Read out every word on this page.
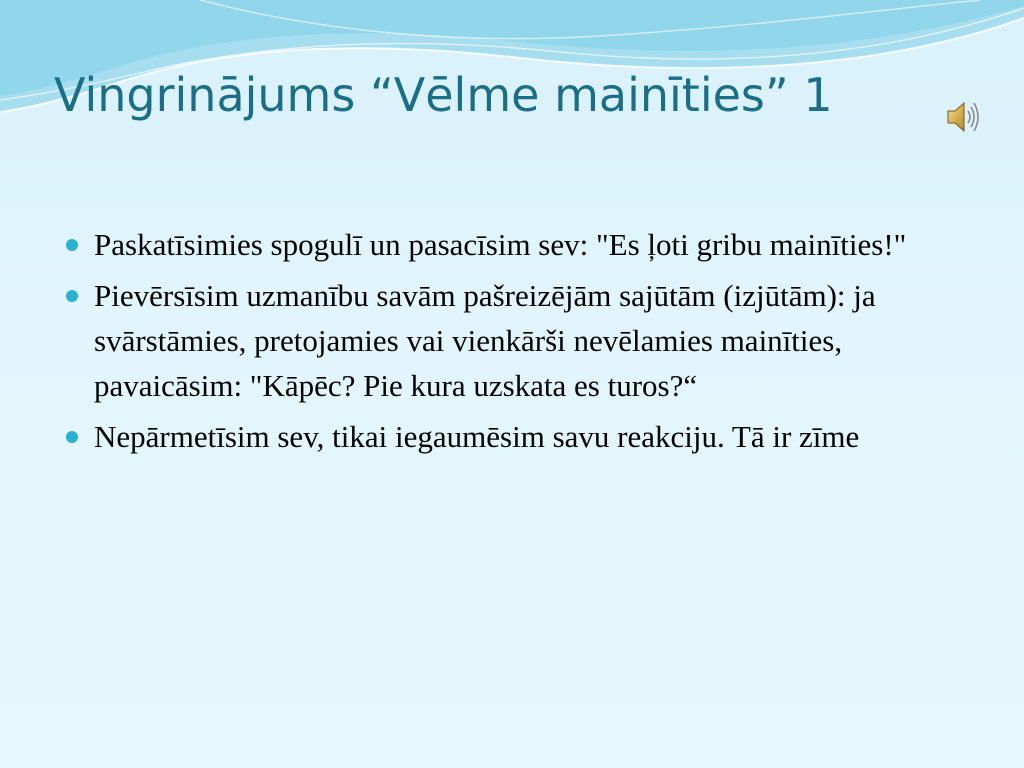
Vingrinājums “Vēlme mainīties” 1
Paskatīsimies spogulī un pasacīsim sev: "Es ļoti gribu mainīties!"
Pievērsīsim uzmanību savām pašreizējām sajūtām (izjūtām): ja svārstāmies, pretojamies vai vienkārši nevēlamies mainīties, pavaicāsim: "Kāpēc? Pie kura uzskata es turos?“
Nepārmetīsim sev, tikai iegaumēsim savu reakciju. Tā ir zīme
